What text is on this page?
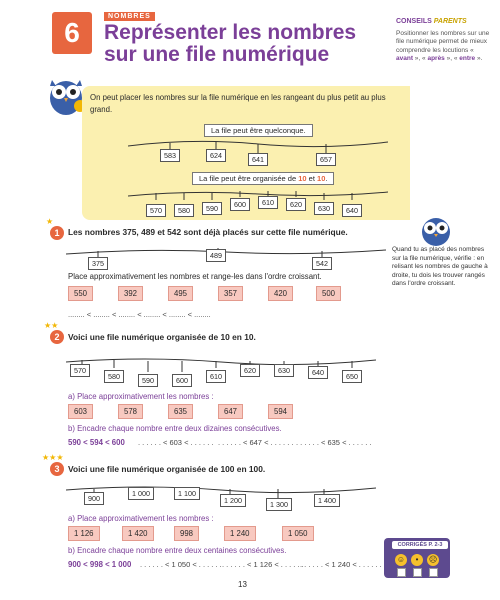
6
NOMBRES
Représenter les nombres
sur une file numérique
CONSEILS PARENTS
Positionner les nombres sur une file numérique permet de mieux comprendre les locutions « avant », « après », « entre ».
On peut placer les nombres sur la file numérique en les rangeant du plus petit au plus grand.
La file peut être quelconque.
583	624	641	657
La file peut être organisée de 10 et 10.
570	580	590	600	610	620	630	640
★
1	Les nombres 375, 489 et 542 sont déjà placés sur cette file numérique.
375
489
542
Place approximativement les nombres et range-les dans l'ordre croissant.
550	392	495	357	420	500
........ < ........ < ........ < ........ < ........ < ........
Quand tu as placé des nombres sur la file numérique, vérifie : en relisant les nombres de gauche à droite, tu dois les trouver rangés dans l'ordre croissant.
★★
2	Voici une file numérique organisée de 10 en 10.
570
580	590	600	610
620	630	640	650
a) Place approximativement les nombres :
603	578	635	647	594
b) Encadre chaque nombre entre deux dizaines consécutives.
590 < 594 < 600 . . . . . . < 603 < . . . . . . . . . . . . < 647 < . . . . . . . . . . . . < 635 < . . . . . .
★★★
3	Voici une file numérique organisée de 100 en 100.
900
1 000	1 100
1 200	1 300	1 400
a) Place approximativement les nombres :
1 126	1 420	998	1 240	1 050
b) Encadre chaque nombre entre deux centaines consécutives.
900 < 998 < 1 000 . . . . . . < 1 050 < . . . . . . . . . . . . < 1 126 < . . . . . .
. . . . . . < 1 240 < . . . . . .
CORRIGÉS P. 2-3
☺	•	☹
13
